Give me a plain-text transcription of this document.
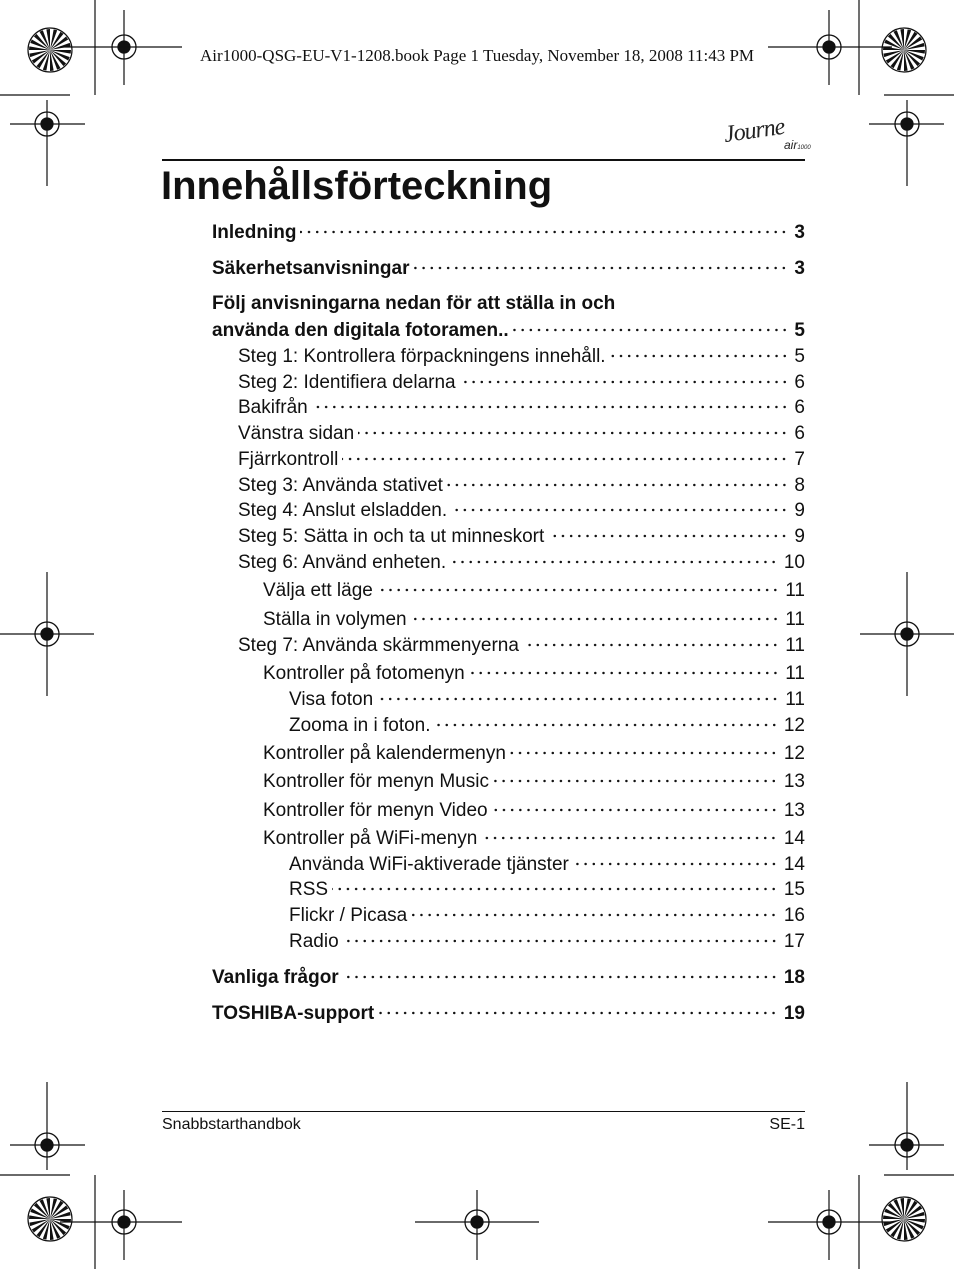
Air1000-QSG-EU-V1-1208.book Page 1 Tuesday, November 18, 2008 11:43 PM
Journe
air1000
Innehållsförteckning
Inledning	3
Säkerhetsanvisningar	3
Följ anvisningarna nedan för att ställa in och
använda den digitala fotoramen..	5
Steg 1: Kontrollera förpackningens innehåll.	5
Steg 2: Identifiera delarna	6
Bakifrån	6
Vänstra sidan	6
Fjärrkontroll	7
Steg 3: Använda stativet	8
Steg 4: Anslut elsladden.	9
Steg 5: Sätta in och ta ut minneskort	9
Steg 6: Använd enheten.	10
Välja ett läge	11
Ställa in volymen	11
Steg 7: Använda skärmmenyerna	11
Kontroller på fotomenyn	11
Visa foton	11
Zooma in i foton.	12
Kontroller på kalendermenyn	12
Kontroller för menyn Music	13
Kontroller för menyn Video	13
Kontroller på WiFi-menyn	14
Använda WiFi-aktiverade tjänster	14
RSS	15
Flickr / Picasa	16
Radio	17
Vanliga frågor	18
TOSHIBA-support	19
Snabbstarthandbok	SE-1
